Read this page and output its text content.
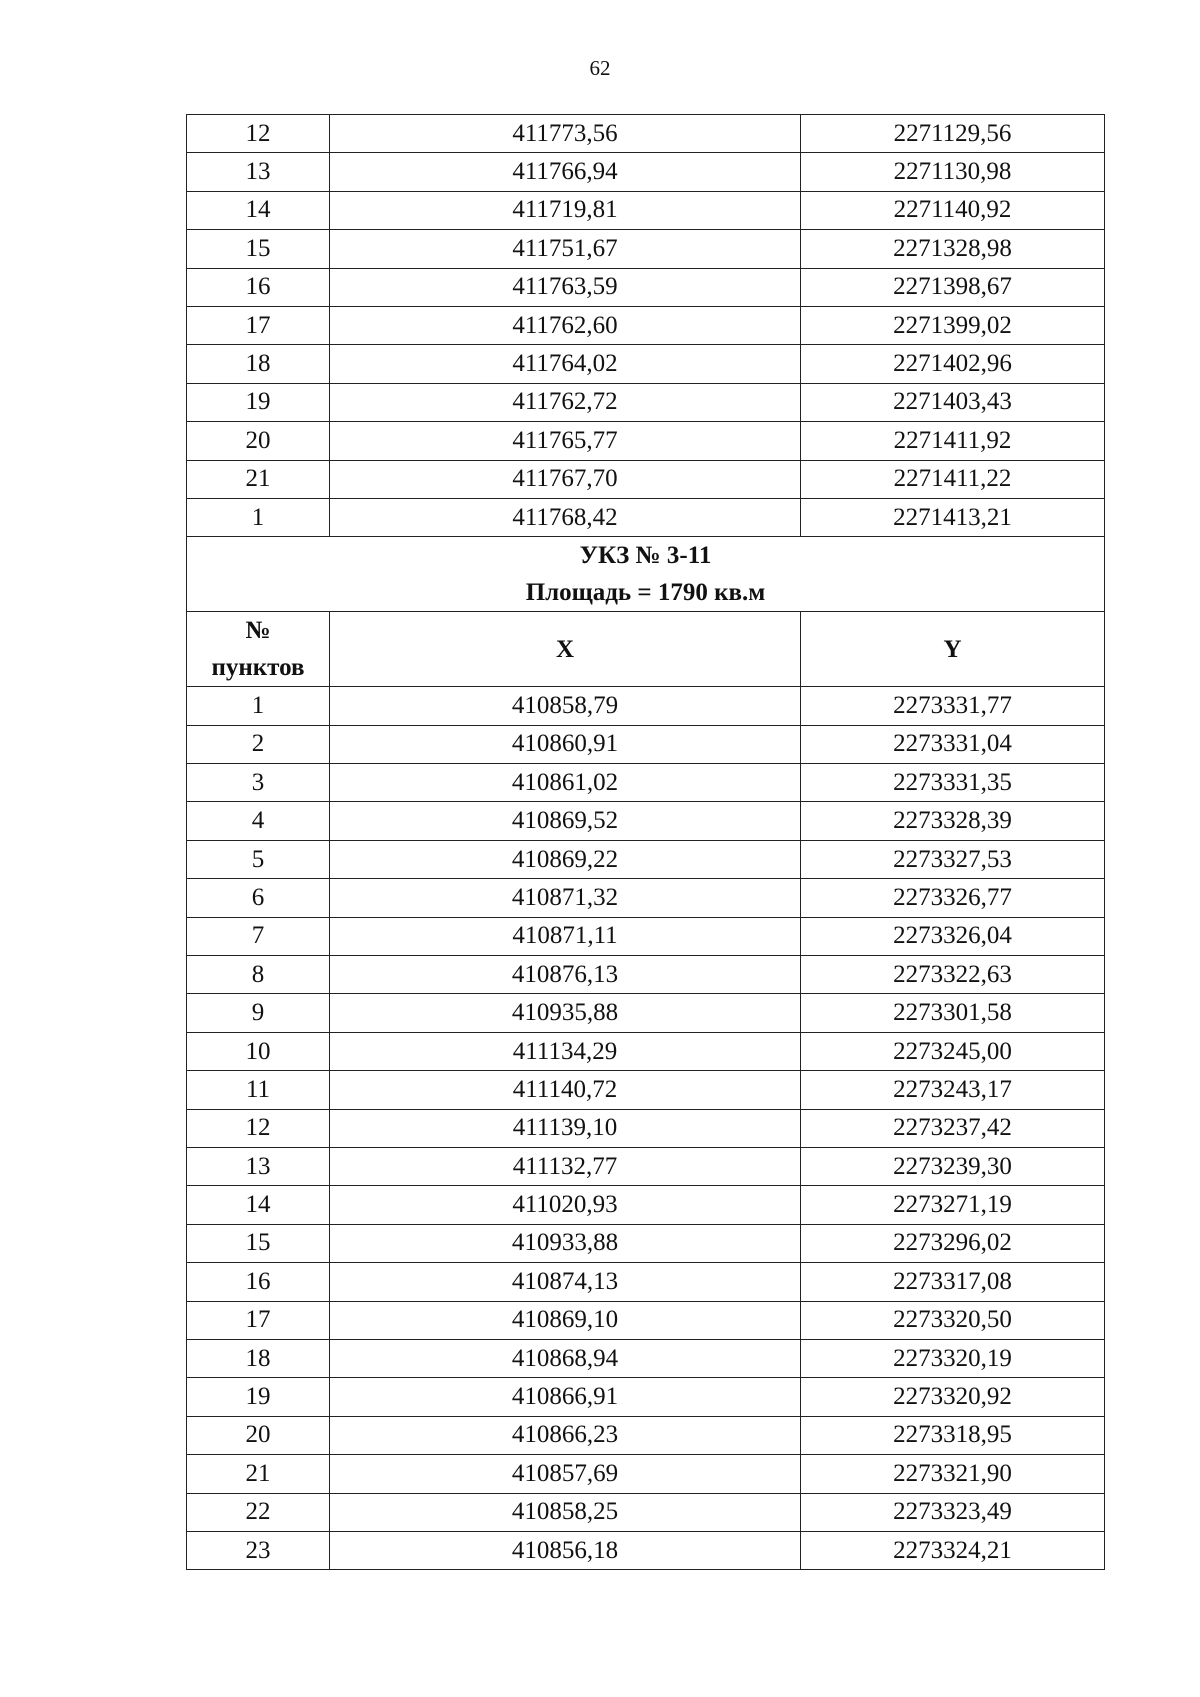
62
12	411773,56	2271129,56
13	411766,94	2271130,98
14	411719,81	2271140,92
15	411751,67	2271328,98
16	411763,59	2271398,67
17	411762,60	2271399,02
18	411764,02	2271402,96
19	411762,72	2271403,43
20	411765,77	2271411,92
21	411767,70	2271411,22
1	411768,42	2271413,21

УКЗ № 3-11
Площадь = 1790 кв.м		

№
пунктов	X	Y
1	410858,79	2273331,77
2	410860,91	2273331,04
3	410861,02	2273331,35
4	410869,52	2273328,39
5	410869,22	2273327,53
6	410871,32	2273326,77
7	410871,11	2273326,04
8	410876,13	2273322,63
9	410935,88	2273301,58
10	411134,29	2273245,00
11	411140,72	2273243,17
12	411139,10	2273237,42
13	411132,77	2273239,30
14	411020,93	2273271,19
15	410933,88	2273296,02
16	410874,13	2273317,08
17	410869,10	2273320,50
18	410868,94	2273320,19
19	410866,91	2273320,92
20	410866,23	2273318,95
21	410857,69	2273321,90
22	410858,25	2273323,49
23	410856,18	2273324,21
